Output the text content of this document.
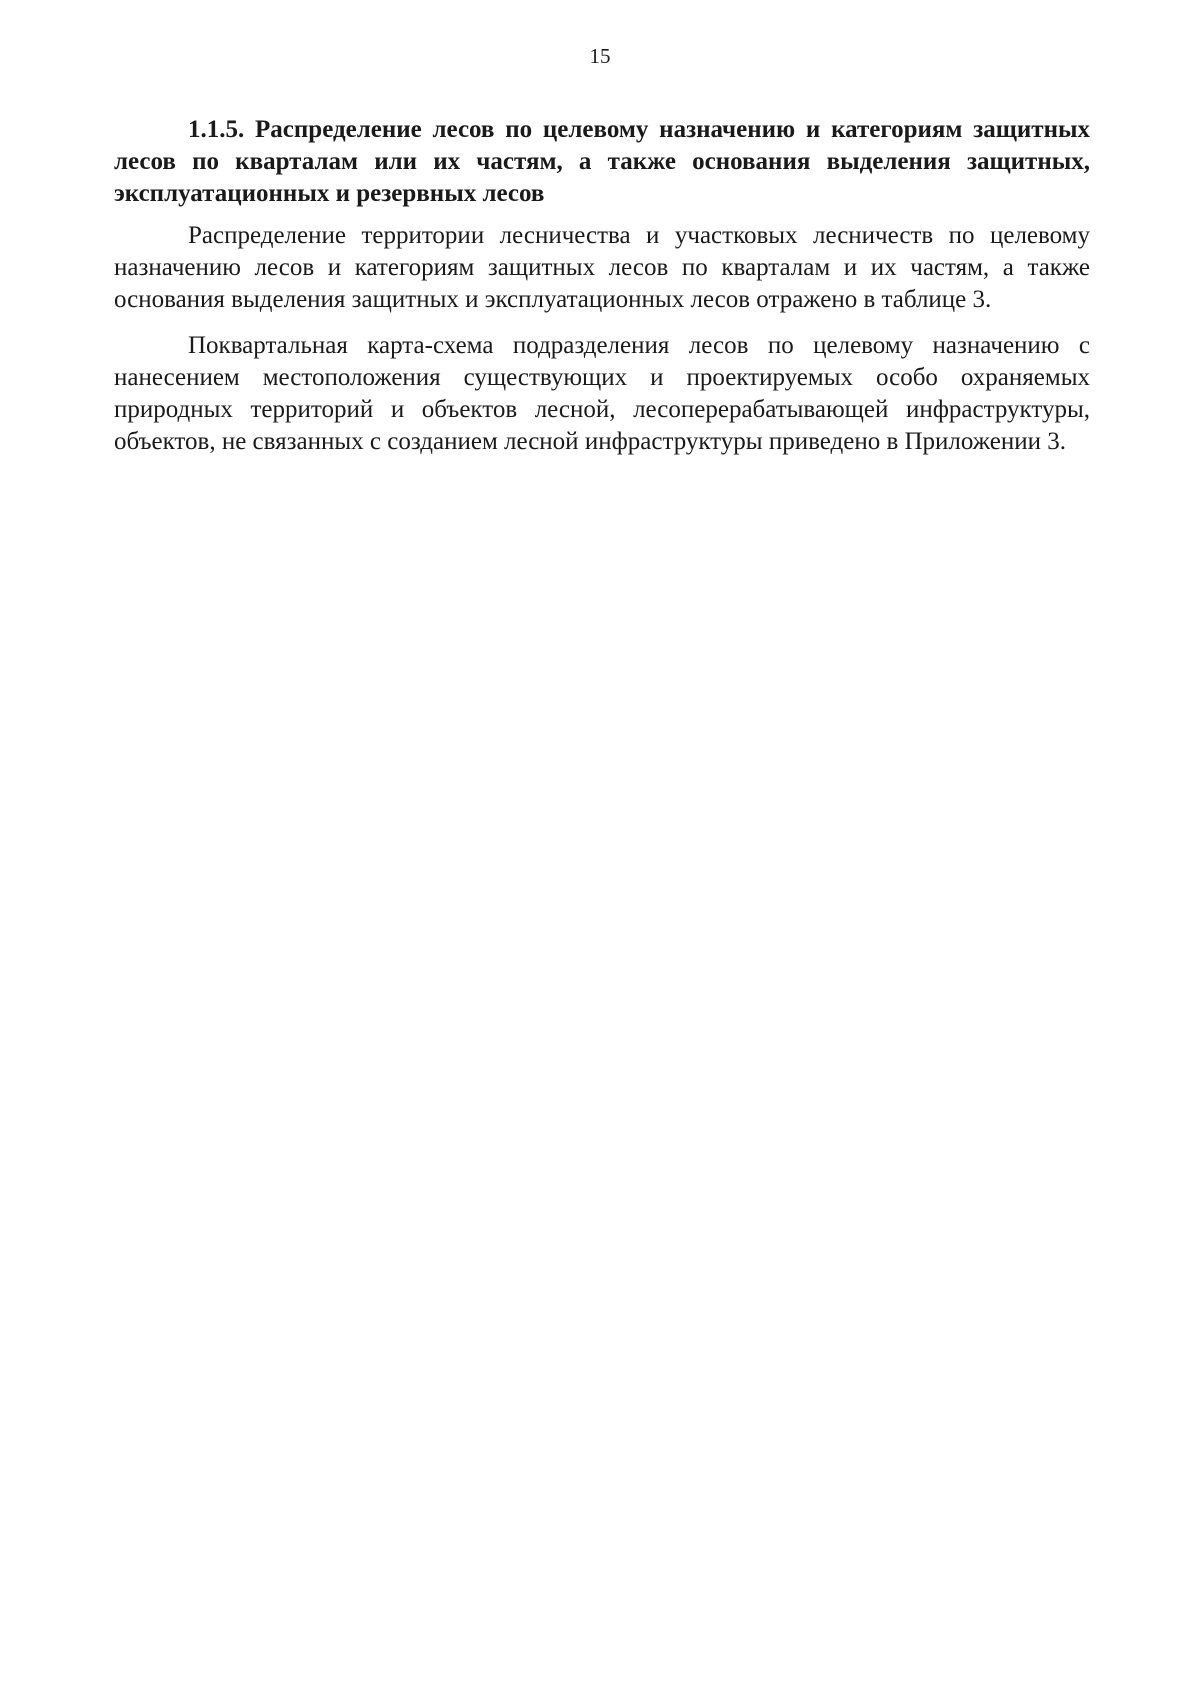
15
1.1.5. Распределение лесов по целевому назначению и категориям защитных лесов по кварталам или их частям, а также основания выделения защитных, эксплуатационных и резервных лесов

Распределение территории лесничества и участковых лесничеств по целевому назначению лесов и категориям защитных лесов по кварталам и их частям, а также основания выделения защитных и эксплуатационных лесов отражено в таблице 3.

Поквартальная карта-схема подразделения лесов по целевому назначению с нанесением местоположения существующих и проектируемых особо охраняемых природных территорий и объектов лесной, лесоперерабатывающей инфраструктуры, объектов, не связанных с созданием лесной инфраструктуры приведено в Приложении 3.
